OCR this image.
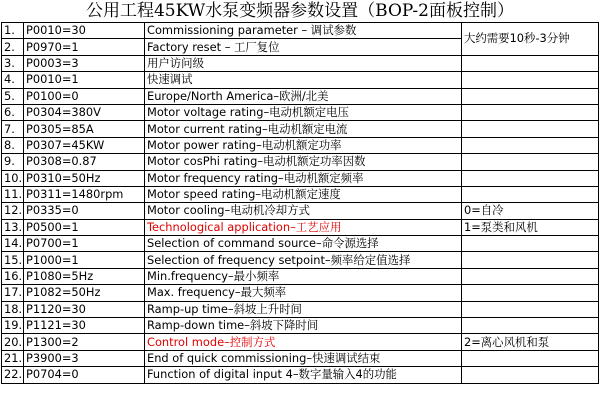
公用工程45KW水泵变频器参数设置（BOP-2面板控制）
1.	P0010=30	Commissioning parameter – 调试参数	大约需要10秒-3分钟
2.	P0970=1	Factory reset – 工厂复位	
3.	P0003=3	用户访问级	
4.	P0010=1	快速调试	
5.	P0100=0	Europe/North America–欧洲/北美	
6.	P0304=380V	Motor voltage rating–电动机额定电压	
7.	P0305=85A	Motor current rating–电动机额定电流	
8.	P0307=45KW	Motor power rating–电动机额定功率	
9.	P0308=0.87	Motor cosPhi rating–电动机额定功率因数	
10.	P0310=50Hz	Motor frequency rating–电动机额定频率	
11.	P0311=1480rpm	Motor speed rating–电动机额定速度	
12.	P0335=0	Motor cooling–电动机冷却方式	0=自冷
13.	P0500=1	Technological application–工艺应用	1=泵类和风机
14.	P0700=1	Selection of command source–命令源选择	
15.	P1000=1	Selection of frequency setpoint–频率给定值选择	
16.	P1080=5Hz	Min.frequency–最小频率	
17.	P1082=50Hz	Max. frequency–最大频率	
18.	P1120=30	Ramp-up time–斜坡上升时间	
19.	P1121=30	Ramp-down time–斜坡下降时间	
20.	P1300=2	Control mode–控制方式	2=离心风机和泵
21.	P3900=3	End of quick commissioning–快速调试结束	
22.	P0704=0	Function of digital input 4–数字量输入4的功能	
